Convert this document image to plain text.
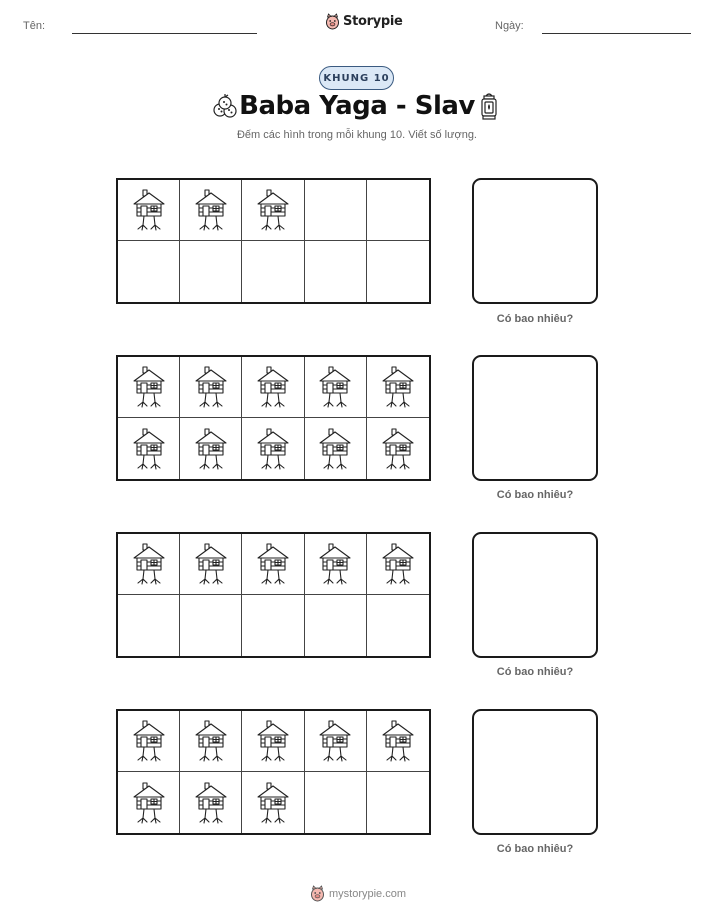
Tên:	Storypie	Ngày:
KHUNG 10
Baba Yaga - Slav
Đếm các hình trong mỗi khung 10. Viết số lượng.
Có bao nhiêu?
Có bao nhiêu?
Có bao nhiêu?
Có bao nhiêu?
mystorypie.com
